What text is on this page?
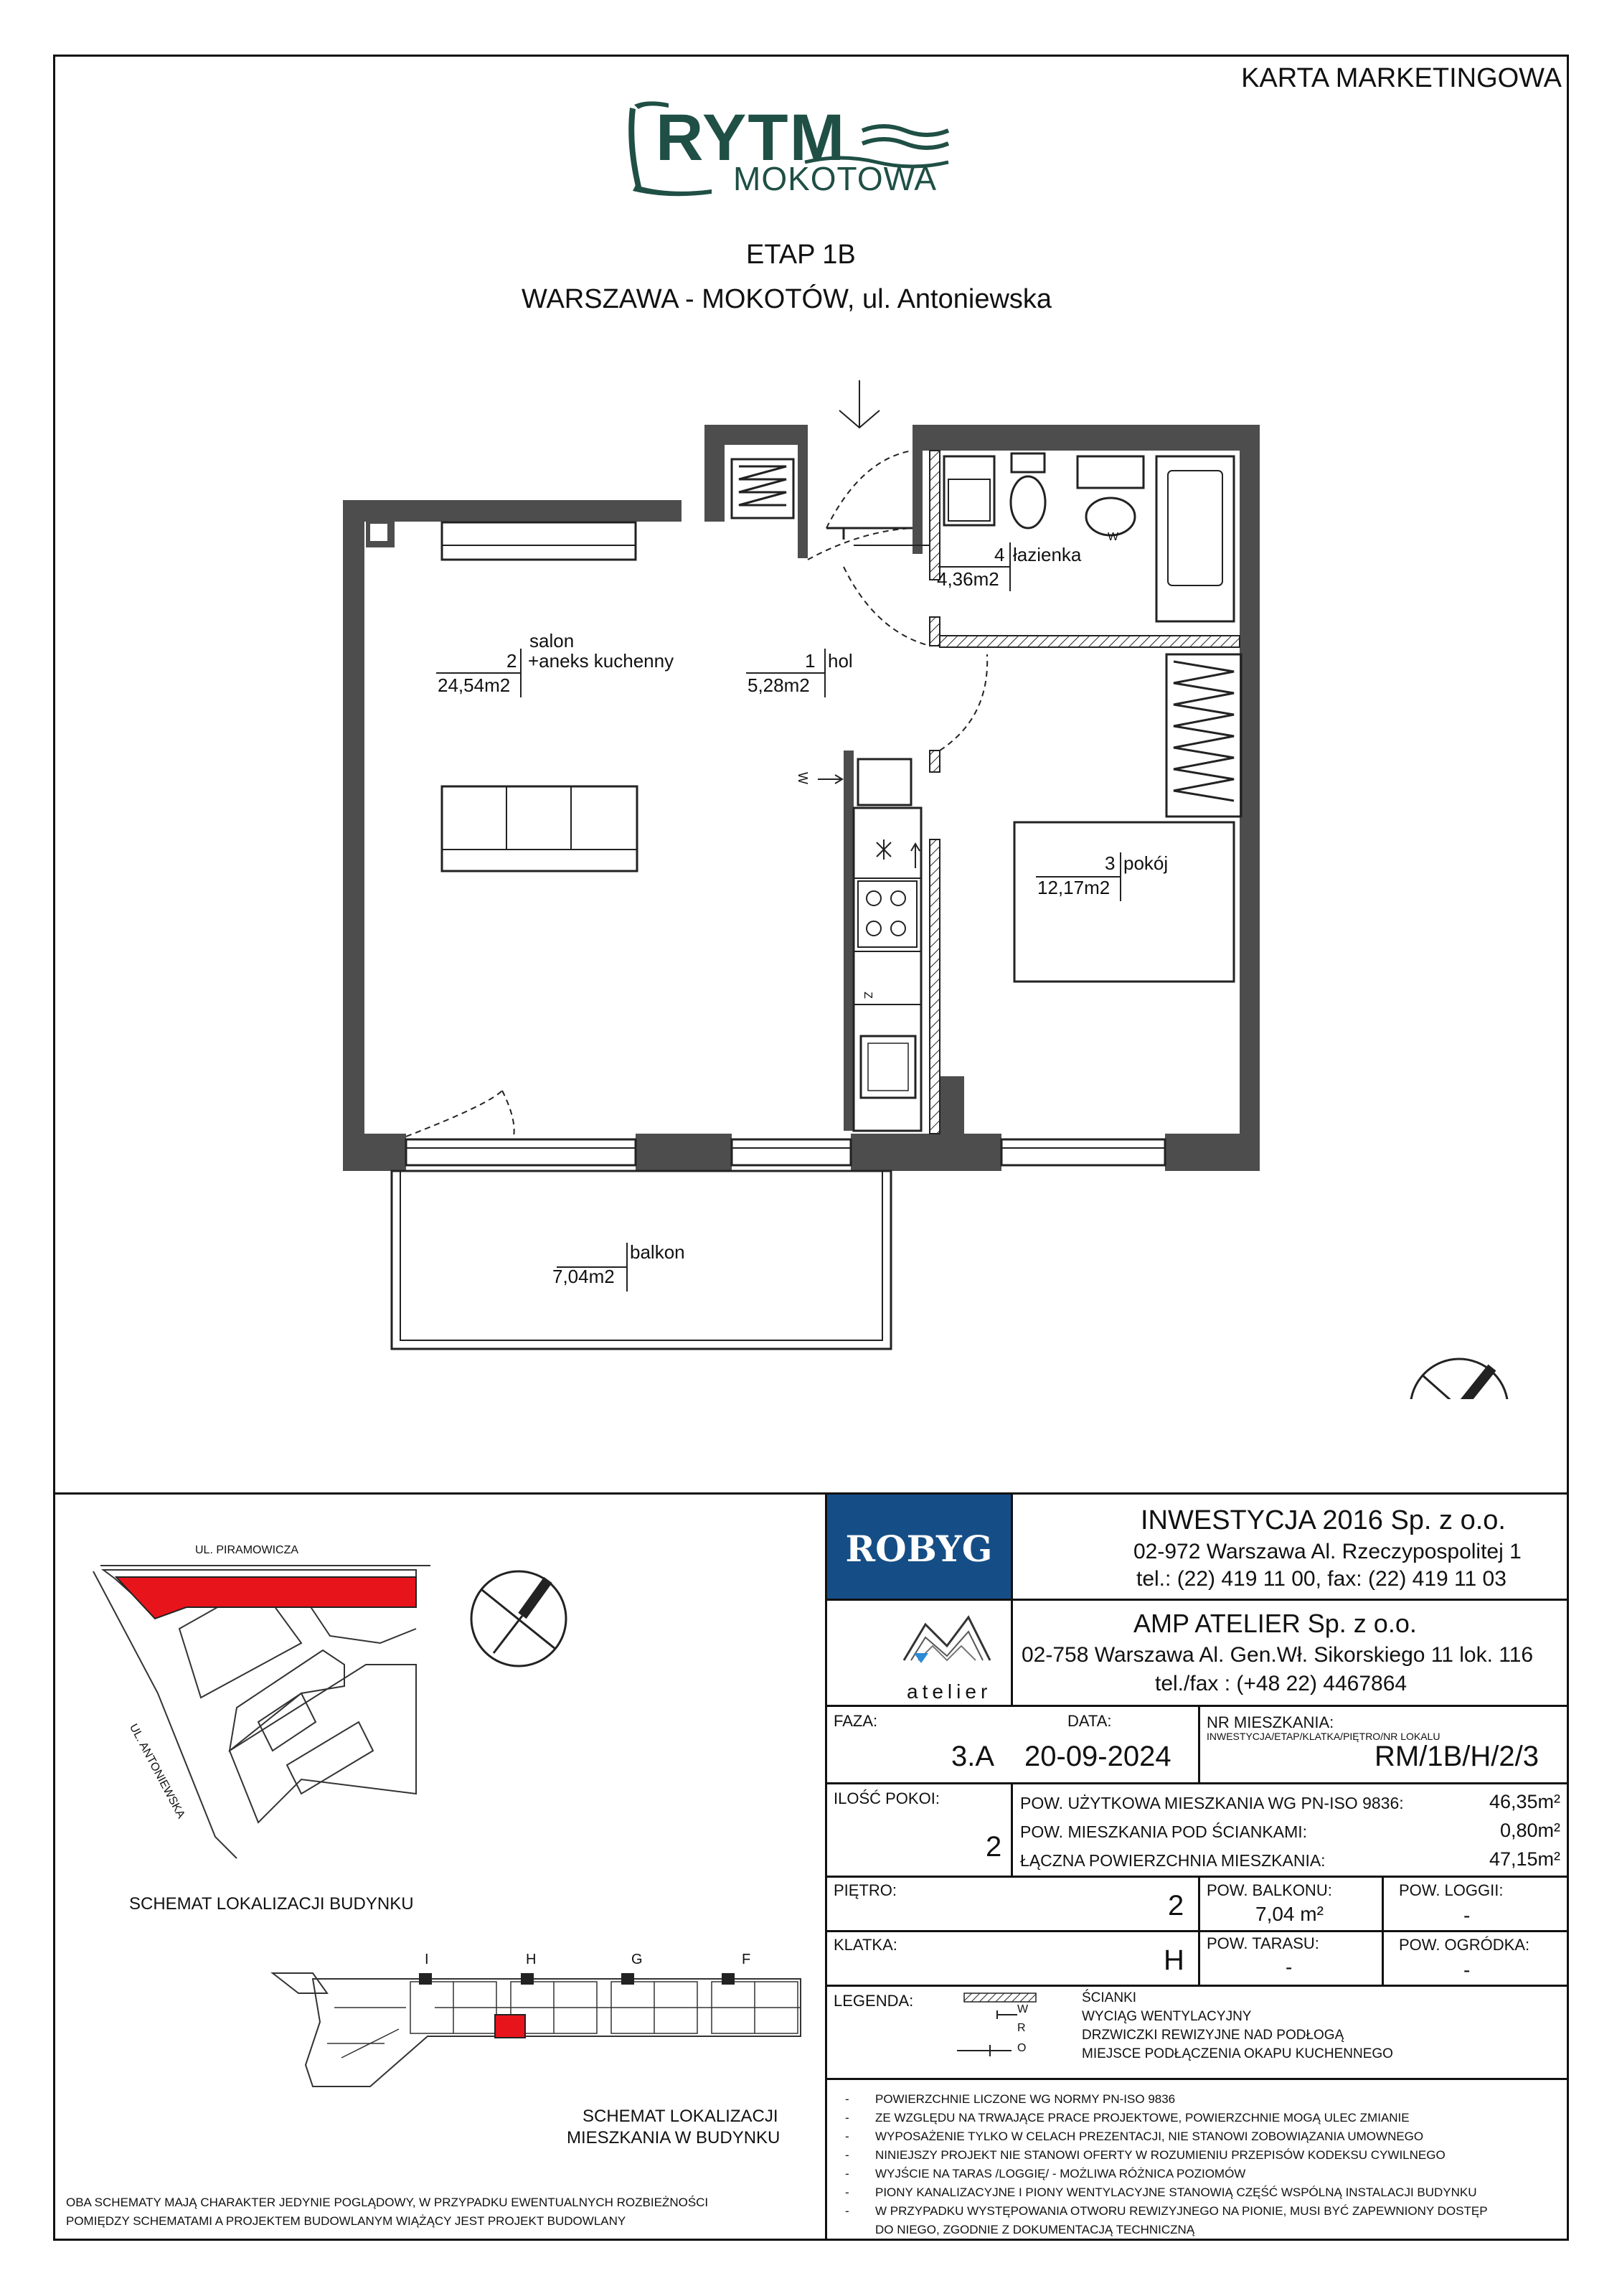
KARTA MARKETINGOWA
RYTM
MOKOTOWA
ETAP 1B
WARSZAWA - MOKOTÓW, ul. Antoniewska
salon
2 +aneks kuchenny
24,54m2
1 hol
5,28m2
4 łazienka
4,36m2
3 pokój
12,17m2
balkon
7,04m2
W
W
Z
UL. PIRAMOWICZA
UL. ANTONIEWSKA
SCHEMAT LOKALIZACJI BUDYNKU
I	H	G	F
SCHEMAT LOKALIZACJI
MIESZKANIA W BUDYNKU
OBA SCHEMATY MAJĄ CHARAKTER JEDYNIE POGLĄDOWY, W PRZYPADKU EWENTUALNYCH ROZBIEŻNOŚCI
POMIĘDZY SCHEMATAMI A PROJEKTEM BUDOWLANYM WIĄŻĄCY JEST PROJEKT BUDOWLANY
ROBYG
INWESTYCJA 2016 Sp. z o.o.
02-972 Warszawa Al. Rzeczypospolitej 1
tel.: (22) 419 11 00, fax: (22) 419 11 03
atelier
AMP ATELIER Sp. z o.o.
02-758 Warszawa Al. Gen.Wł. Sikorskiego 11 lok. 116
tel./fax : (+48 22) 4467864
FAZA:
3.A
DATA:
20-09-2024
NR MIESZKANIA:
INWESTYCJA/ETAP/KLATKA/PIĘTRO/NR LOKALU
RM/1B/H/2/3
ILOŚĆ POKOI:
2
POW. UŻYTKOWA MIESZKANIA WG PN-ISO 9836:	46,35m²
POW. MIESZKANIA POD ŚCIANKAMI:	0,80m²
ŁĄCZNA POWIERZCHNIA MIESZKANIA:	47,15m²
PIĘTRO:	2 POW. BALKONU:
7,04 m²
POW. LOGGII:
-
KLATKA:	H
POW. TARASU:
-
POW. OGRÓDKA:
-
LEGENDA:	W
R
O
ŚCIANKI
WYCIĄG WENTYLACYJNY
DRZWICZKI REWIZYJNE NAD PODŁOGĄ
MIEJSCE PODŁĄCZENIA OKAPU KUCHENNEGO
- POWIERZCHNIE LICZONE WG NORMY PN-ISO 9836
- ZE WZGLĘDU NA TRWAJĄCE PRACE PROJEKTOWE, POWIERZCHNIE MOGĄ ULEC ZMIANIE
- WYPOSAŻENIE TYLKO W CELACH PREZENTACJI, NIE STANOWI ZOBOWIĄZANIA UMOWNEGO
- NINIEJSZY PROJEKT NIE STANOWI OFERTY W ROZUMIENIU PRZEPISÓW KODEKSU CYWILNEGO
- WYJŚCIE NA TARAS /LOGGIĘ/ - MOŻLIWA RÓŻNICA POZIOMÓW
- PIONY KANALIZACYJNE I PIONY WENTYLACYJNE STANOWIĄ CZĘŚĆ WSPÓLNĄ INSTALACJI BUDYNKU
- W PRZYPADKU WYSTĘPOWANIA OTWORU REWIZYJNEGO NA PIONIE, MUSI BYĆ ZAPEWNIONY DOSTĘP
DO NIEGO, ZGODNIE Z DOKUMENTACJĄ TECHNICZNĄ
